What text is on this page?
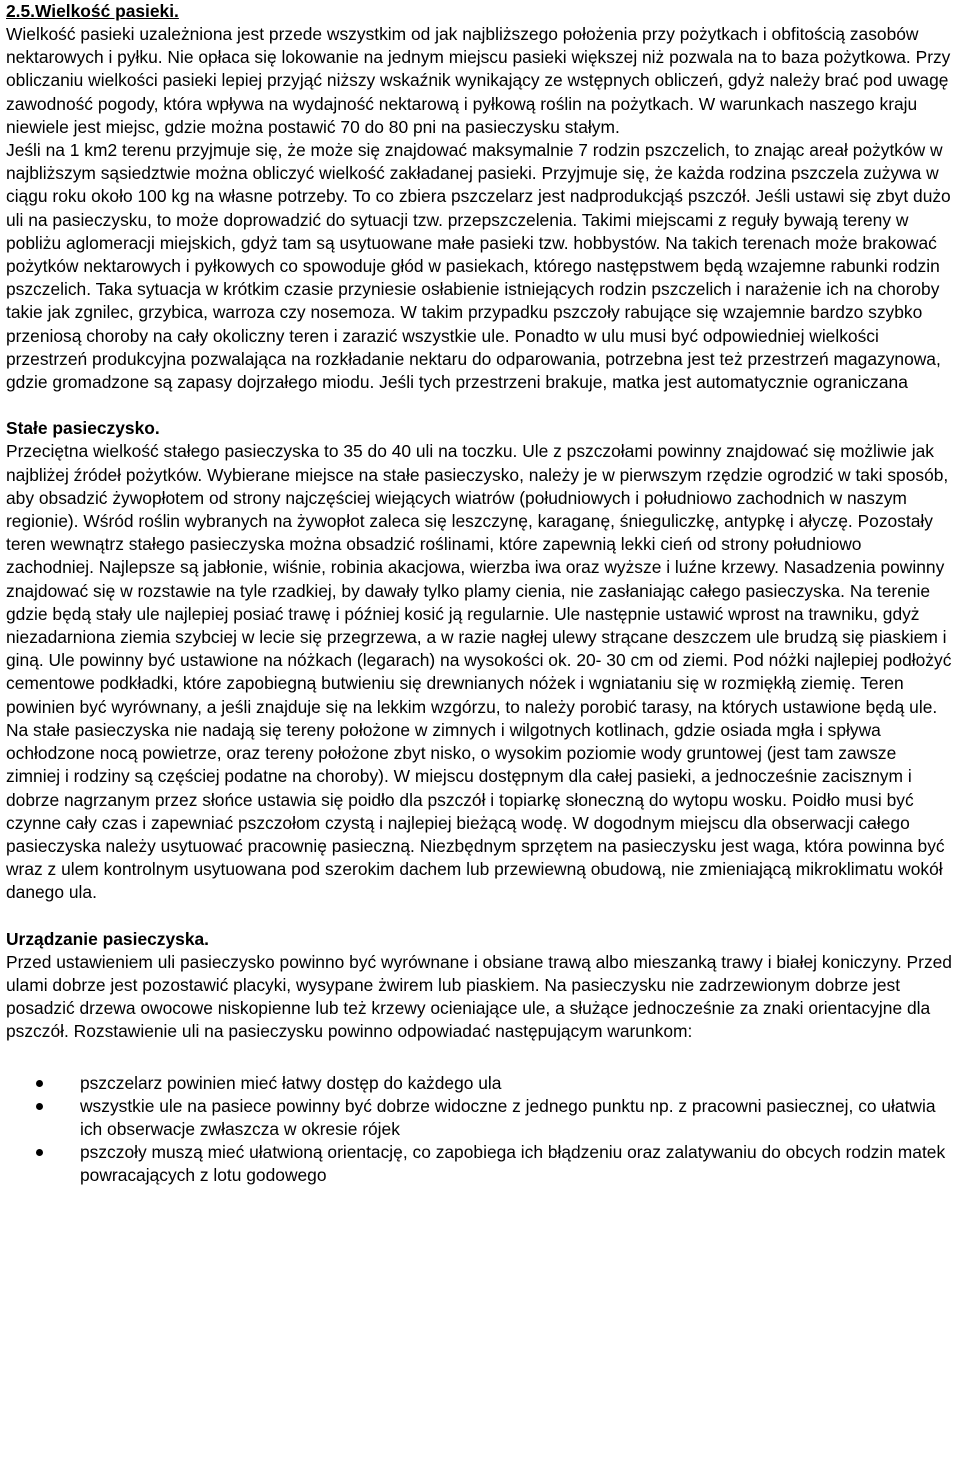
2.5.Wielkość pasieki.

Wielkość pasieki uzależniona jest przede wszystkim od jak najbliższego położenia przy pożytkach i obfitością zasobów nektarowych i pyłku. Nie opłaca się lokowanie na jednym miejscu pasieki większej niż pozwala na to baza pożytkowa. Przy obliczaniu wielkości pasieki lepiej przyjąć niższy wskaźnik wynikający ze wstępnych obliczeń, gdyż należy brać pod uwagę zawodność pogody, która wpływa na wydajność nektarową i pyłkową roślin na pożytkach. W warunkach naszego kraju niewiele jest miejsc, gdzie można postawić 70 do 80 pni na pasieczysku stałym.

Jeśli na 1 km2 terenu przyjmuje się, że może się znajdować maksymalnie 7 rodzin pszczelich, to znając areał pożytków w najbliższym sąsiedztwie można obliczyć wielkość zakładanej pasieki. Przyjmuje się, że każda rodzina pszczela zużywa w ciągu roku około 100 kg na własne potrzeby. To co zbiera pszczelarz jest nadprodukcjąś pszczół. Jeśli ustawi się zbyt dużo uli na pasieczysku, to może doprowadzić do sytuacji tzw. przepszczelenia. Takimi miejscami z reguły bywają tereny w pobliżu aglomeracji miejskich, gdyż tam są usytuowane małe pasieki tzw. hobbystów. Na takich terenach może brakować pożytków nektarowych i pyłkowych co spowoduje głód w pasiekach, którego następstwem będą wzajemne rabunki rodzin pszczelich. Taka sytuacja w krótkim czasie przyniesie osłabienie istniejących rodzin pszczelich i narażenie ich na choroby takie jak zgnilec, grzybica, warroza czy nosemoza. W takim przypadku pszczoły rabujące się wzajemnie bardzo szybko przeniosą choroby na cały okoliczny teren i zarazić wszystkie ule. Ponadto w ulu musi być odpowiedniej wielkości przestrzeń produkcyjna pozwalająca na rozkładanie nektaru do odparowania, potrzebna jest też przestrzeń magazynowa, gdzie gromadzone są zapasy dojrzałego miodu. Jeśli tych przestrzeni brakuje, matka jest automatycznie ograniczana

Stałe pasieczysko.

Przeciętna wielkość stałego pasieczyska to 35 do 40 uli na toczku. Ule z pszczołami powinny znajdować się możliwie jak najbliżej źródeł pożytków. Wybierane miejsce na stałe pasieczysko, należy je w pierwszym rzędzie ogrodzić w taki sposób, aby obsadzić żywopłotem od strony najczęściej wiejących wiatrów (południowych i południowo zachodnich w naszym regionie). Wśród roślin wybranych na żywopłot zaleca się leszczynę, karaganę, śnieguliczkę, antypkę i ałyczę. Pozostały teren wewnątrz stałego pasieczyska można obsadzić roślinami, które zapewnią lekki cień od strony południowo zachodniej. Najlepsze są jabłonie, wiśnie, robinia akacjowa, wierzba iwa oraz wyższe i luźne krzewy. Nasadzenia powinny znajdować się w rozstawie na tyle rzadkiej, by dawały tylko plamy cienia, nie zasłaniając całego pasieczyska. Na terenie gdzie będą stały ule najlepiej posiać trawę i później kosić ją regularnie. Ule następnie ustawić wprost na trawniku, gdyż niezadarniona ziemia szybciej w lecie się przegrzewa, a w razie nagłej ulewy strącane deszczem ule brudzą się piaskiem i giną. Ule powinny być ustawione na nóżkach (legarach) na wysokości ok. 20- 30 cm od ziemi. Pod nóżki najlepiej podłożyć cementowe podkładki, które zapobiegną butwieniu się drewnianych nóżek i wgniataniu się w rozmiękłą ziemię. Teren powinien być wyrównany, a jeśli znajduje się na lekkim wzgórzu, to należy porobić tarasy, na których ustawione będą ule. Na stałe pasieczyska nie nadają się tereny położone w zimnych i wilgotnych kotlinach, gdzie osiada mgła i spływa ochłodzone nocą powietrze, oraz tereny położone zbyt nisko, o wysokim poziomie wody gruntowej (jest tam zawsze zimniej i rodziny są częściej podatne na choroby). W miejscu dostępnym dla całej pasieki, a jednocześnie zacisznym i dobrze nagrzanym przez słońce ustawia się poidło dla pszczół i topiarkę słoneczną do wytopu wosku. Poidło musi być czynne cały czas i zapewniać pszczołom czystą i najlepiej bieżącą wodę. W dogodnym miejscu dla obserwacji całego pasieczyska należy usytuować pracownię pasieczną. Niezbędnym sprzętem na pasieczysku jest waga, która powinna być wraz z ulem kontrolnym usytuowana pod szerokim dachem lub przewiewną obudową, nie zmieniającą mikroklimatu wokół danego ula.

Urządzanie pasieczyska.

Przed ustawieniem uli pasieczysko powinno być wyrównane i obsiane trawą albo mieszanką trawy i białej koniczyny. Przed ulami dobrze jest pozostawić placyki, wysypane żwirem lub piaskiem. Na pasieczysku nie zadrzewionym dobrze jest posadzić drzewa owocowe niskopienne lub też krzewy ocieniające ule, a służące jednocześnie za znaki orientacyjne dla pszczół. Rozstawienie uli na pasieczysku powinno odpowiadać następującym warunkom:

pszczelarz powinien mieć łatwy dostęp do każdego ula
wszystkie ule na pasiece powinny być dobrze widoczne z jednego punktu np. z pracowni pasiecznej, co ułatwia ich obserwacje zwłaszcza w okresie rójek
pszczoły muszą mieć ułatwioną orientację, co zapobiega ich błądzeniu oraz zalatywaniu do obcych rodzin matek powracających z lotu godowego
